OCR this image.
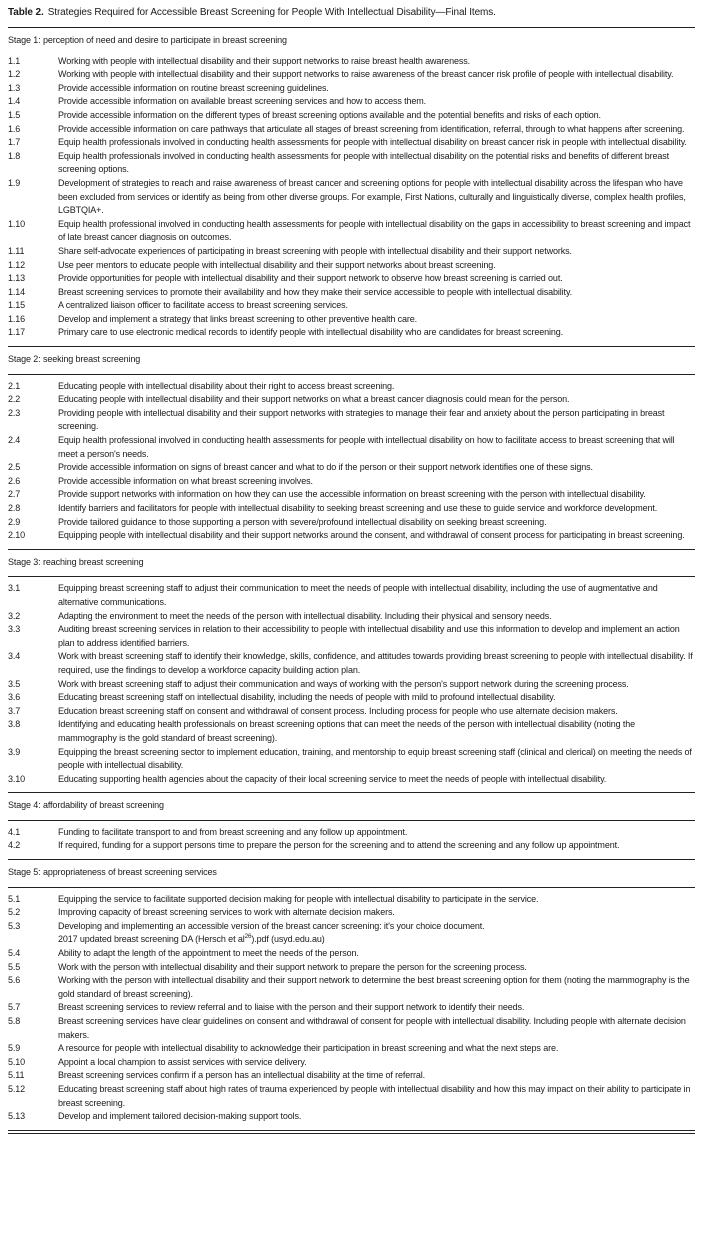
Table 2. Strategies Required for Accessible Breast Screening for People With Intellectual Disability—Final Items.
Stage 1: perception of need and desire to participate in breast screening
1.1	Working with people with intellectual disability and their support networks to raise breast health awareness.
1.2	Working with people with intellectual disability and their support networks to raise awareness of the breast cancer risk profile of people with intellectual disability.
1.3	Provide accessible information on routine breast screening guidelines.
1.4	Provide accessible information on available breast screening services and how to access them.
1.5	Provide accessible information on the different types of breast screening options available and the potential benefits and risks of each option.
1.6	Provide accessible information on care pathways that articulate all stages of breast screening from identification, referral, through to what happens after screening.
1.7	Equip health professionals involved in conducting health assessments for people with intellectual disability on breast cancer risk in people with intellectual disability.
1.8	Equip health professionals involved in conducting health assessments for people with intellectual disability on the potential risks and benefits of different breast screening options.
1.9	Development of strategies to reach and raise awareness of breast cancer and screening options for people with intellectual disability across the lifespan who have been excluded from services or identify as being from other diverse groups. For example, First Nations, culturally and linguistically diverse, complex health profiles, LGBTQIA+.
1.10	Equip health professional involved in conducting health assessments for people with intellectual disability on the gaps in accessibility to breast screening and impact of late breast cancer diagnosis on outcomes.
1.11	Share self-advocate experiences of participating in breast screening with people with intellectual disability and their support networks.
1.12	Use peer mentors to educate people with intellectual disability and their support networks about breast screening.
1.13	Provide opportunities for people with intellectual disability and their support network to observe how breast screening is carried out.
1.14	Breast screening services to promote their availability and how they make their service accessible to people with intellectual disability.
1.15	A centralized liaison officer to facilitate access to breast screening services.
1.16	Develop and implement a strategy that links breast screening to other preventive health care.
1.17	Primary care to use electronic medical records to identify people with intellectual disability who are candidates for breast screening.
Stage 2: seeking breast screening
2.1	Educating people with intellectual disability about their right to access breast screening.
2.2	Educating people with intellectual disability and their support networks on what a breast cancer diagnosis could mean for the person.
2.3	Providing people with intellectual disability and their support networks with strategies to manage their fear and anxiety about the person participating in breast screening.
2.4	Equip health professional involved in conducting health assessments for people with intellectual disability on how to facilitate access to breast screening that will meet a person's needs.
2.5	Provide accessible information on signs of breast cancer and what to do if the person or their support network identifies one of these signs.
2.6	Provide accessible information on what breast screening involves.
2.7	Provide support networks with information on how they can use the accessible information on breast screening with the person with intellectual disability.
2.8	Identify barriers and facilitators for people with intellectual disability to seeking breast screening and use these to guide service and workforce development.
2.9	Provide tailored guidance to those supporting a person with severe/profound intellectual disability on seeking breast screening.
2.10	Equipping people with intellectual disability and their support networks around the consent, and withdrawal of consent process for participating in breast screening.
Stage 3: reaching breast screening
3.1	Equipping breast screening staff to adjust their communication to meet the needs of people with intellectual disability, including the use of augmentative and alternative communications.
3.2	Adapting the environment to meet the needs of the person with intellectual disability. Including their physical and sensory needs.
3.3	Auditing breast screening services in relation to their accessibility to people with intellectual disability and use this information to develop and implement an action plan to address identified barriers.
3.4	Work with breast screening staff to identify their knowledge, skills, confidence, and attitudes towards providing breast screening to people with intellectual disability. If required, use the findings to develop a workforce capacity building action plan.
3.5	Work with breast screening staff to adjust their communication and ways of working with the person's support network during the screening process.
3.6	Educating breast screening staff on intellectual disability, including the needs of people with mild to profound intellectual disability.
3.7	Education breast screening staff on consent and withdrawal of consent process. Including process for people who use alternate decision makers.
3.8	Identifying and educating health professionals on breast screening options that can meet the needs of the person with intellectual disability (noting the mammography is the gold standard of breast screening).
3.9	Equipping the breast screening sector to implement education, training, and mentorship to equip breast screening staff (clinical and clerical) on meeting the needs of people with intellectual disability.
3.10	Educating supporting health agencies about the capacity of their local screening service to meet the needs of people with intellectual disability.
Stage 4: affordability of breast screening
4.1	Funding to facilitate transport to and from breast screening and any follow up appointment.
4.2	If required, funding for a support persons time to prepare the person for the screening and to attend the screening and any follow up appointment.
Stage 5: appropriateness of breast screening services
5.1	Equipping the service to facilitate supported decision making for people with intellectual disability to participate in the service.
5.2	Improving capacity of breast screening services to work with alternate decision makers.
5.3	Developing and implementing an accessible version of the breast cancer screening: it's your choice document.
2017 updated breast screening DA (Hersch et $al^{26}).pdf$ (usyd.edu.au)
5.4	Ability to adapt the length of the appointment to meet the needs of the person.
5.5	Work with the person with intellectual disability and their support network to prepare the person for the screening process.
5.6	Working with the person with intellectual disability and their support network to determine the best breast screening option for them (noting the mammography is the gold standard of breast screening).
5.7	Breast screening services to review referral and to liaise with the person and their support network to identify their needs.
5.8	Breast screening services have clear guidelines on consent and withdrawal of consent for people with intellectual disability. Including people with alternate decision makers.
5.9	A resource for people with intellectual disability to acknowledge their participation in breast screening and what the next steps are.
5.10	Appoint a local champion to assist services with service delivery.
5.11	Breast screening services confirm if a person has an intellectual disability at the time of referral.
5.12	Educating breast screening staff about high rates of trauma experienced by people with intellectual disability and how this may impact on their ability to participate in breast screening.
5.13	Develop and implement tailored decision-making support tools.
